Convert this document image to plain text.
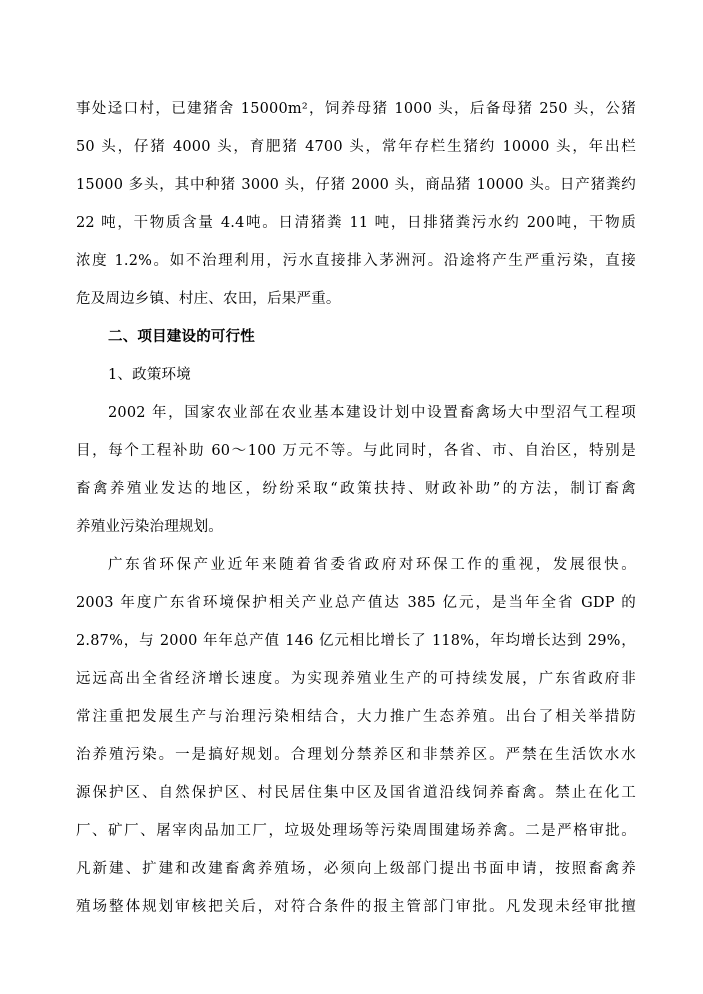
事处迳口村，已建猪舍 15000m²，饲养母猪 1000 头，后备母猪 250 头，公猪
50 头，仔猪 4000 头，育肥猪 4700 头，常年存栏生猪约 10000 头，年出栏
15000 多头，其中种猪 3000 头，仔猪 2000 头，商品猪 10000 头。日产猪粪约
22 吨，干物质含量 4.4吨。日清猪粪 11 吨，日排猪粪污水约 200吨，干物质
浓度 1.2%。如不治理利用，污水直接排入茅洲河。沿途将产生严重污染，直接
危及周边乡镇、村庄、农田，后果严重。
二、项目建设的可行性
1、政策环境
2002 年，国家农业部在农业基本建设计划中设置畜禽场大中型沼气工程项
目，每个工程补助 60～100 万元不等。与此同时，各省、市、自治区，特别是
畜禽养殖业发达的地区，纷纷采取“政策扶持、财政补助”的方法，制订畜禽
养殖业污染治理规划。
广东省环保产业近年来随着省委省政府对环保工作的重视，发展很快。
2003 年度广东省环境保护相关产业总产值达 385 亿元，是当年全省 GDP 的
2.87%，与 2000 年年总产值 146 亿元相比增长了 118%，年均增长达到 29%，
远远高出全省经济增长速度。为实现养殖业生产的可持续发展，广东省政府非
常注重把发展生产与治理污染相结合，大力推广生态养殖。出台了相关举措防
治养殖污染。一是搞好规划。合理划分禁养区和非禁养区。严禁在生活饮水水
源保护区、自然保护区、村民居住集中区及国省道沿线饲养畜禽。禁止在化工
厂、矿厂、屠宰肉品加工厂，垃圾处理场等污染周围建场养禽。二是严格审批。
凡新建、扩建和改建畜禽养殖场，必须向上级部门提出书面申请，按照畜禽养
殖场整体规划审核把关后，对符合条件的报主管部门审批。凡发现未经审批擅
